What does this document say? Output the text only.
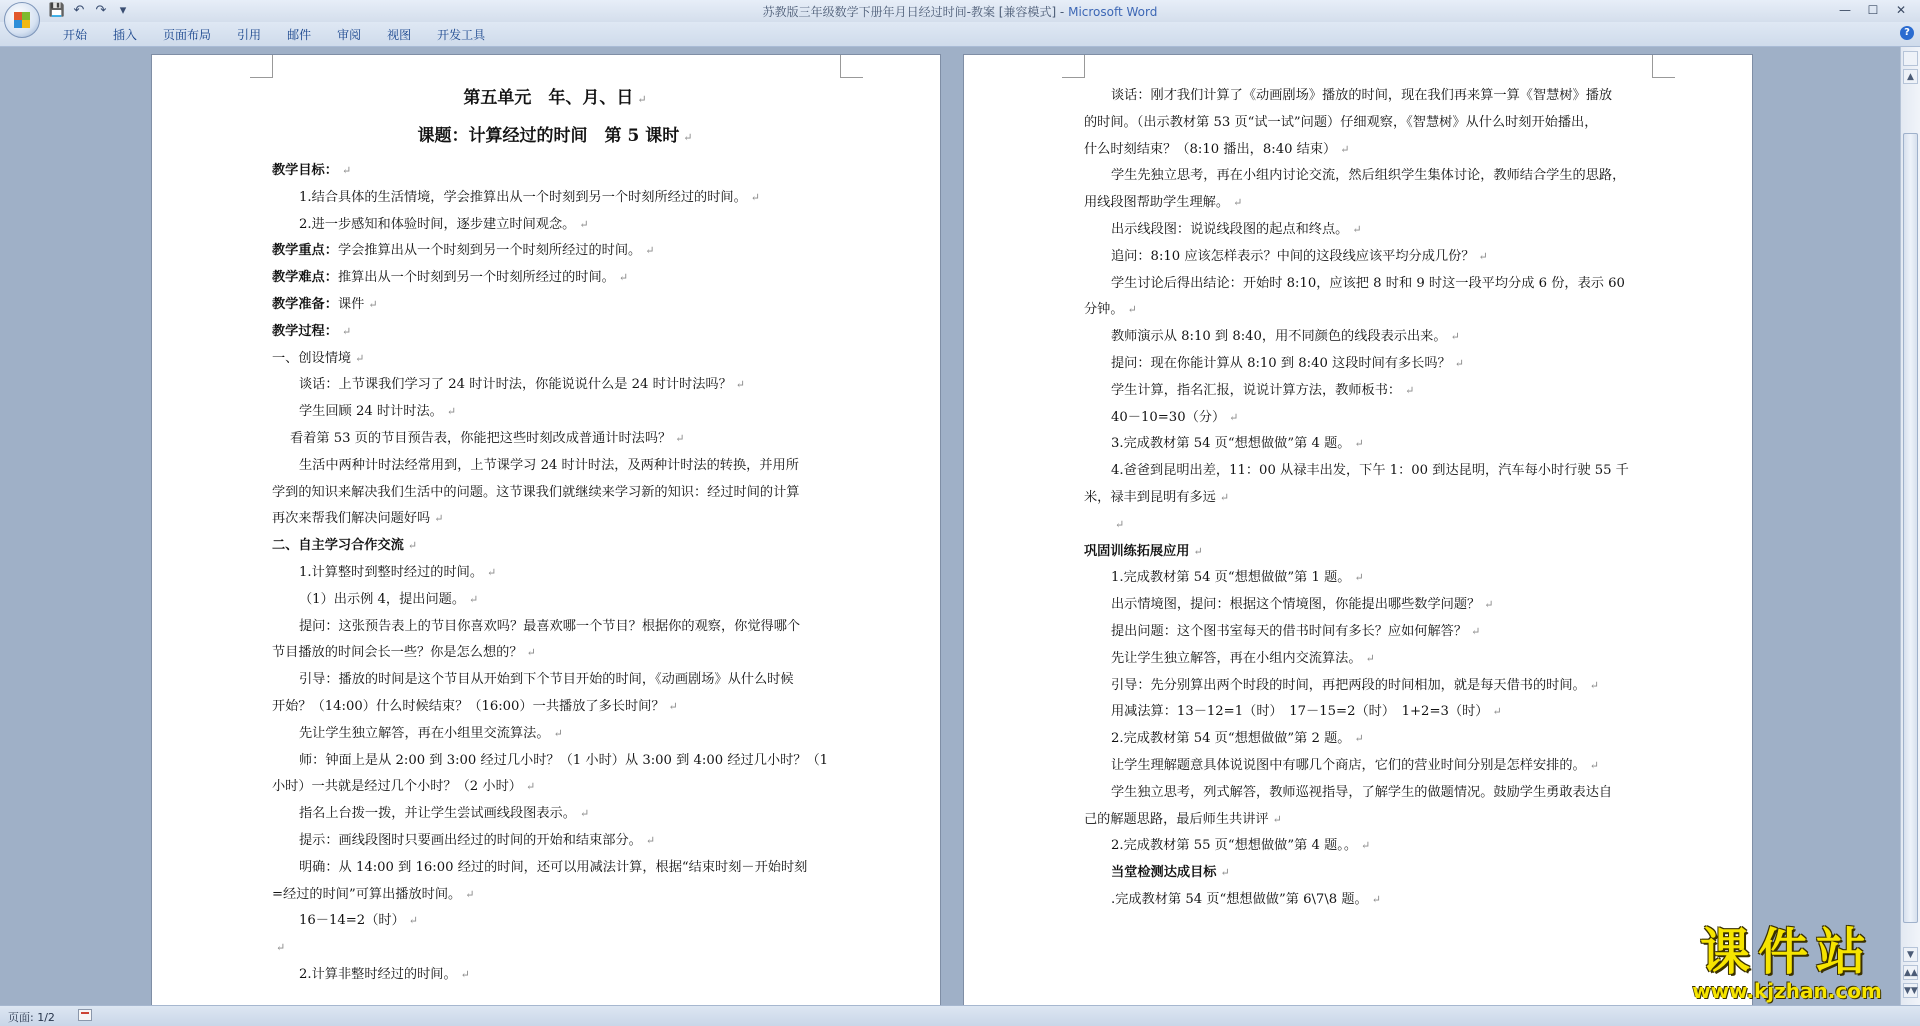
💾 ↶ ↷	▾	苏教版三年级数学下册年月日经过时间-教案 [兼容模式] - Microsoft Word	—	☐	✕
开始	插入	页面布局	引用	邮件	审阅	视图	开发工具	?
第五单元　年、月、日 ↵
课题：计算经过的时间　第 5 课时 ↵
教学目标： ↵
1.结合具体的生活情境，学会推算出从一个时刻到另一个时刻所经过的时间。 ↵
2.进一步感知和体验时间，逐步建立时间观念。 ↵
教学重点：学会推算出从一个时刻到另一个时刻所经过的时间。 ↵
教学难点：推算出从一个时刻到另一个时刻所经过的时间。 ↵
教学准备：课件 ↵
教学过程： ↵
一、创设情境 ↵
谈话：上节课我们学习了 24 时计时法，你能说说什么是 24 时计时法吗？ ↵
学生回顾 24 时计时法。 ↵
看着第 53 页的节目预告表，你能把这些时刻改成普通计时法吗？ ↵
生活中两种计时法经常用到，上节课学习 24 时计时法，及两种计时法的转换，并用所
学到的知识来解决我们生活中的问题。这节课我们就继续来学习新的知识：经过时间的计算
再次来帮我们解决问题好吗 ↵
二、自主学习合作交流 ↵
1.计算整时到整时经过的时间。 ↵
（1）出示例 4，提出问题。 ↵
提问：这张预告表上的节目你喜欢吗？最喜欢哪一个节目？根据你的观察，你觉得哪个
节目播放的时间会长一些？你是怎么想的？ ↵
引导：播放的时间是这个节目从开始到下个节目开始的时间，《动画剧场》从什么时候
开始？（14:00）什么时候结束？（16:00）一共播放了多长时间？ ↵
先让学生独立解答，再在小组里交流算法。 ↵
师：钟面上是从 2:00 到 3:00 经过几小时？（1 小时）从 3:00 到 4:00 经过几小时？（1
小时）一共就是经过几个小时？（2 小时） ↵
指名上台拨一拨，并让学生尝试画线段图表示。 ↵
提示：画线段图时只要画出经过的时间的开始和结束部分。 ↵
明确：从 14:00 到 16:00 经过的时间，还可以用减法计算，根据“结束时刻－开始时刻
=经过的时间”可算出播放时间。 ↵
16－14=2（时） ↵
↵
2.计算非整时经过的时间。 ↵
谈话：刚才我们计算了《动画剧场》播放的时间，现在我们再来算一算《智慧树》播放
的时间。（出示教材第 53 页“试一试”问题）仔细观察，《智慧树》从什么时刻开始播出，
什么时刻结束？（8:10 播出，8:40 结束） ↵
学生先独立思考，再在小组内讨论交流，然后组织学生集体讨论，教师结合学生的思路，
用线段图帮助学生理解。 ↵
出示线段图：说说线段图的起点和终点。 ↵
追问：8:10 应该怎样表示？中间的这段线应该平均分成几份？ ↵
学生讨论后得出结论：开始时 8:10，应该把 8 时和 9 时这一段平均分成 6 份，表示 60
分钟。 ↵
教师演示从 8:10 到 8:40，用不同颜色的线段表示出来。 ↵
提问：现在你能计算从 8:10 到 8:40 这段时间有多长吗？ ↵
学生计算，指名汇报，说说计算方法，教师板书： ↵
40－10=30（分） ↵
3.完成教材第 54 页“想想做做”第 4 题。 ↵
4.爸爸到昆明出差，11：00 从禄丰出发，下午 1：00 到达昆明，汽车每小时行驶 55 千
米，禄丰到昆明有多远 ↵
↵
巩固训练拓展应用 ↵
1.完成教材第 54 页“想想做做”第 1 题。 ↵
出示情境图，提问：根据这个情境图，你能提出哪些数学问题？ ↵
提出问题：这个图书室每天的借书时间有多长？应如何解答？ ↵
先让学生独立解答，再在小组内交流算法。 ↵
引导：先分别算出两个时段的时间，再把两段的时间相加，就是每天借书的时间。 ↵
用减法算：13－12=1（时）　17－15=2（时）　1+2=3（时） ↵
2.完成教材第 54 页“想想做做”第 2 题。 ↵
让学生理解题意具体说说图中有哪几个商店，它们的营业时间分别是怎样安排的。 ↵
学生独立思考，列式解答，教师巡视指导，了解学生的做题情况。鼓励学生勇敢表达自
己的解题思路，最后师生共讲评 ↵
2.完成教材第 55 页“想想做做”第 4 题。。 ↵
当堂检测达成目标 ↵
.完成教材第 54 页“想想做做”第 6\7\8 题。 ↵
▲
▼
▲▲
▼▼
页面: 1/2
课件站
www.kjzhan.com
